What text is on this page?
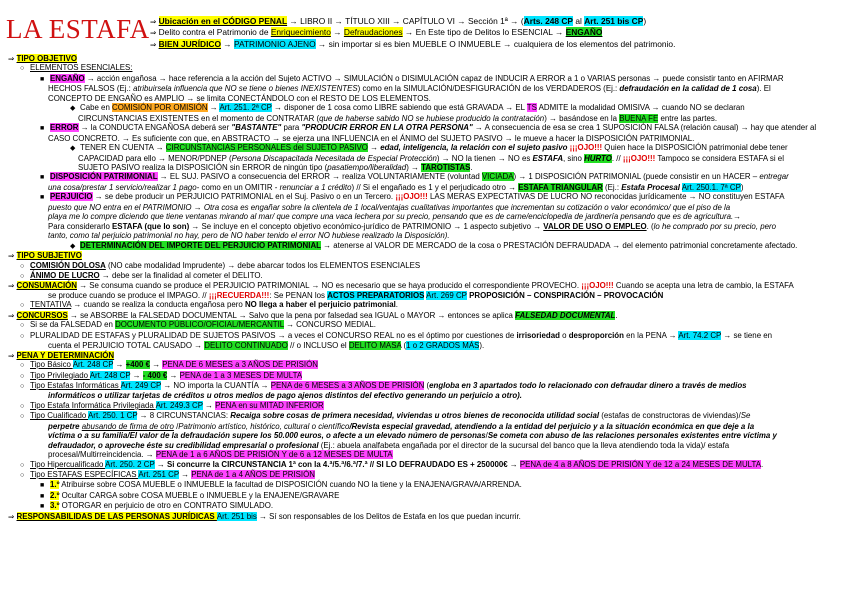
LA ESTAFA ⇒ Ubicación en el CÓDIGO PENAL → LIBRO II → TÍTULO XIII → CAPÍTULO VI → Sección 1ª → (Arts. 248 CP al Art. 251 bis CP)
⇒ Delito contra el Patrimonio de Enriquecimiento → Defraudaciones → En Este tipo de Delitos lo ESENCIAL → ENGAÑO
⇒ BIEN JURÍDICO → PATRIMONIO AJENO → sin importar si es bien MUEBLE O INMUEBLE → cualquiera de los elementos del patrimonio.
⇒ TIPO OBJETIVO
○ ELEMENTOS ESENCIALES:
■ ENGAÑO → acción engañosa → hace referencia a la acción del Sujeto ACTIVO → SIMULACIÓN o DISIMULACIÓN capaz de INDUCIR A ERROR a 1 o VARIAS personas → puede consistir tanto en AFIRMAR
HECHOS FALSOS (Ej.: atribuirsela influencia que NO se tiene o bienes INEXISTENTES) como en la SIMULACIÓN/DESFIGURACIÓN de los VERDADEROS (Ej.: defraudación en la calidad de 1 cosa). El
CONCEPTO DE ENGAÑO es AMPLIO → se limita CONECTÁNDOLO con el RESTO DE LOS ELEMENTOS.
◆ Cabe en COMISIÓN POR OMISIÓN → Art. 251. 2ª CP → disponer de 1 cosa como LIBRE sabiendo que está GRAVADA → EL TS ADMITE la modalidad OMISIVA → cuando NO se declaran
CIRCUNSTANCIAS EXISTENTES en el momento de CONTRATAR (que de haberse sabido NO se hubiese producido la contratación) → basándose en la BUENA FE entre las partes.
■ ERROR → la CONDUCTA ENGAÑOSA deberá ser "BASTANTE" para "PRODUCIR ERROR EN LA OTRA PERSONA" → A consecuencia de esa se crea 1 SUPOSICIÓN FALSA (relación causal) → hay que atender al
CASO CONCRETO. → Es suficiente con que, en ABSTRACTO → se ejerza una INFLUENCIA en el ÁNIMO del SUJETO PASIVO → le mueve a hacer la DISPOSICIÓN PATRIMONIAL.
◆ TENER EN CUENTA → CIRCUNSTANCIAS PERSONALES del SUJETO PASIVO → edad, inteligencia, la relación con el sujeto pasivo ¡¡¡OJO!!! Quien hace la DISPOSICIÓN patrimonial debe tener
CAPACIDAD para ello → MENOR/PDNEP (Persona Discapacitada Necesitada de Especial Protección) → NO la tienen → NO es ESTAFA, sino HURTO. // ¡¡¡OJO!!! Tampoco se considera ESTAFA si el
SUJETO PASIVO realiza la DISPOSICIÓN sin ERROR de ningún tipo (pasatiempo/liberalidad) → TAROTISTAS.
■ DISPOSICIÓN PATRIMONIAL → EL SUJ. PASIVO a consecuencia del ERROR → realiza VOLUNTARIAMENTE (voluntad VICIADA) → 1 DISPOSICIÓN PATRIMONIAL (puede consistir en un HACER – entregar
una cosa/prestar 1 servicio/realizar 1 pago- como en un OMITIR - renunciar a 1 crédito) // Si el engañado es 1 y el perjudicado otro → ESTAFA TRIANGULAR (Ej.: Estafa Procesal Art. 250.1. 7ª CP)
■ PERJUICIO → se debe producir un PERJUICIO PATRIMONIAL en el Suj. Pasivo o en un Tercero. ¡¡¡OJO!!! LAS MERAS EXPECTATIVAS DE LUCRO NO reconocidas jurídicamente → NO constituyen ESTAFA
puesto que NO entra en el PATRIMONIO → Otra cosa es engañar sobre la clientela de 1 local/ventajas cualitativas importantes que incrementan su cotización o valor económico/ que el piso de la
playa me lo compre diciendo que tiene ventanas mirando al mar/ que compre una vaca lechera por su precio, pensando que es de carne/enciclopedia de jardinería pensando que es de agricultura.→
Para considerarlo ESTAFA (que lo son) → Se incluye en el concepto objetivo económico-jurídico de PATRIMONIO → 1 aspecto subjetivo → VALOR DE USO O EMPLEO. (lo he comprado por su precio, pero
tanto, como tal perjuicio patrimonial no hay, pero de NO haber tenido el error NO hubiese realizado la Disposición).
◆ DETERMINACIÓN DEL IMPORTE DEL PERJUICIO PATRIMONIAL → atenerse al VALOR DE MERCADO de la cosa o PRESTACIÓN DEFRAUDADA → del elemento patrimonial concretamente afectado.
⇒ TIPO SUBJETIVO
○ COMISIÓN DOLOSA (NO cabe modalidad Imprudente) → debe abarcar todos los ELEMENTOS ESENCIALES
○ ÁNIMO DE LUCRO → debe ser la finalidad al cometer el DELITO.
⇒ CONSUMACIÓN → Se consuma cuando se produce el PERJUICIO PATRIMONIAL → NO es necesario que se haya producido el correspondiente PROVECHO. ¡¡¡OJO!!! Cuando se acepta una letra de cambio, la ESTAFA
se produce cuando se produce el IMPAGO. // ¡¡¡RECUERDA!!!: Se PENAN los ACTOS PREPARATORIOS Art. 269 CP PROPOSICIÓN – CONSPIRACIÓN – PROVOCACIÓN
○ TENTATIVA → cuando se realiza la conducta engañosa pero NO llega a haber el perjuicio patrimonial.
⇒ CONCURSOS → se ABSORBE la FALSEDAD DOCUMENTAL → Salvo que la pena por falsedad sea IGUAL o MAYOR → entonces se aplica FALSEDAD DOCUMENTAL.
○ Si se da FALSEDAD en DOCUMENTO PÚBLICO/OFICIAL/MERCANTIL → CONCURSO MEDIAL.
○ PLURALIDAD DE ESTAFAS y PLURALIDAD DE SUJETOS PASIVOS → a veces el CONCURSO REAL no es el óptimo por cuestiones de irrisoriedad o desproporción en la PENA → Art. 74.2 CP → se tiene en
cuenta el PERJUICIO TOTAL CAUSADO → DELITO CONTINUADO // o INCLUSO el DELITO MASA (1 o 2 GRADOS MÁS).
⇒ PENA Y DETERMINACIÓN
○ Tipo Básico Art. 248 CP → +400 € → PENA DE 6 MESES a 3 AÑOS DE PRISIÓN
○ Tipo Privilegiado Art. 248 CP → - 400 € → PENA de 1 a 3 MESES DE MULTA
○ Tipo Estafas Informáticas Art. 249 CP → NO importa la CUANTÍA → PENA de 6 MESES a 3 AÑOS DE PRISIÓN (engloba en 3 apartados todo lo relacionado con defraudar dinero a través de medios
informáticos o utilizar tarjetas de créditos u otros medios de pago ajenos distintos del efectivo generando un perjuicio a otro).
○ Tipo Estafa Informática Privilegiada Art. 249.3 CP → PENA en su MITAD INFERIOR
○ Tipo Cualificado Art. 250. 1 CP → 8 CIRCUNSTANCIAS: Recaiga sobre cosas de primera necesidad, viviendas u otros bienes de reconocida utilidad social (estafas de constructoras de viviendas)/Se
perpetre abusando de firma de otro /Patrimonio artístico, histórico, cultural o científico/Revista especial gravedad, atendiendo a la entidad del perjuicio y a la situación económica en que deje a la
víctima o a su familia/El valor de la defraudación supere los 50.000 euros, o afecte a un elevado número de personas/Se cometa con abuso de las relaciones personales existentes entre víctima y
defraudador, o aproveche éste su credibilidad empresarial o profesional (Ej.: abuela analfabeta engañada por el director de la sucursal del banco que la lleva atendiendo toda la vida)/ estafa
procesal/Multirreincidencia. → PENA de 1 a 6 AÑOS DE PRISIÓN Y de 6 a 12 MESES DE MULTA
○ Tipo Hipercualificado Art. 250. 2 CP → Si concurre la CIRCUNSTANCIA 1ª con la 4.ª/5.ª/6.ª/7.ª // SI LO DEFRAUDADO ES + 250000€ → PENA de 4 a 8 AÑOS DE PRISIÓN Y de 12 a 24 MESES DE MULTA.
○ Tipo ESTAFAS ESPECÍFICAS Art. 251 CP → PENA de 1 a 4 AÑOS DE PRISIÓN
■ 1.º Atribuirse sobre COSA MUEBLE o INMUEBLE la facultad de DISPOSICIÓN cuando NO la tiene y la ENAJENA/GRAVA/ARRENDA.
■ 2.º Ocultar CARGA sobre COSA MUEBLE o INMUEBLE y la ENAJENE/GRAVARE
■ 3.º OTORGAR en perjuicio de otro en CONTRATO SIMULADO.
⇒ RESPONSABILIDAS DE LAS PERSONAS JURÍDICAS Art. 251 bis → Sí son responsables de los Delitos de Estafa en los que puedan incurrir.
